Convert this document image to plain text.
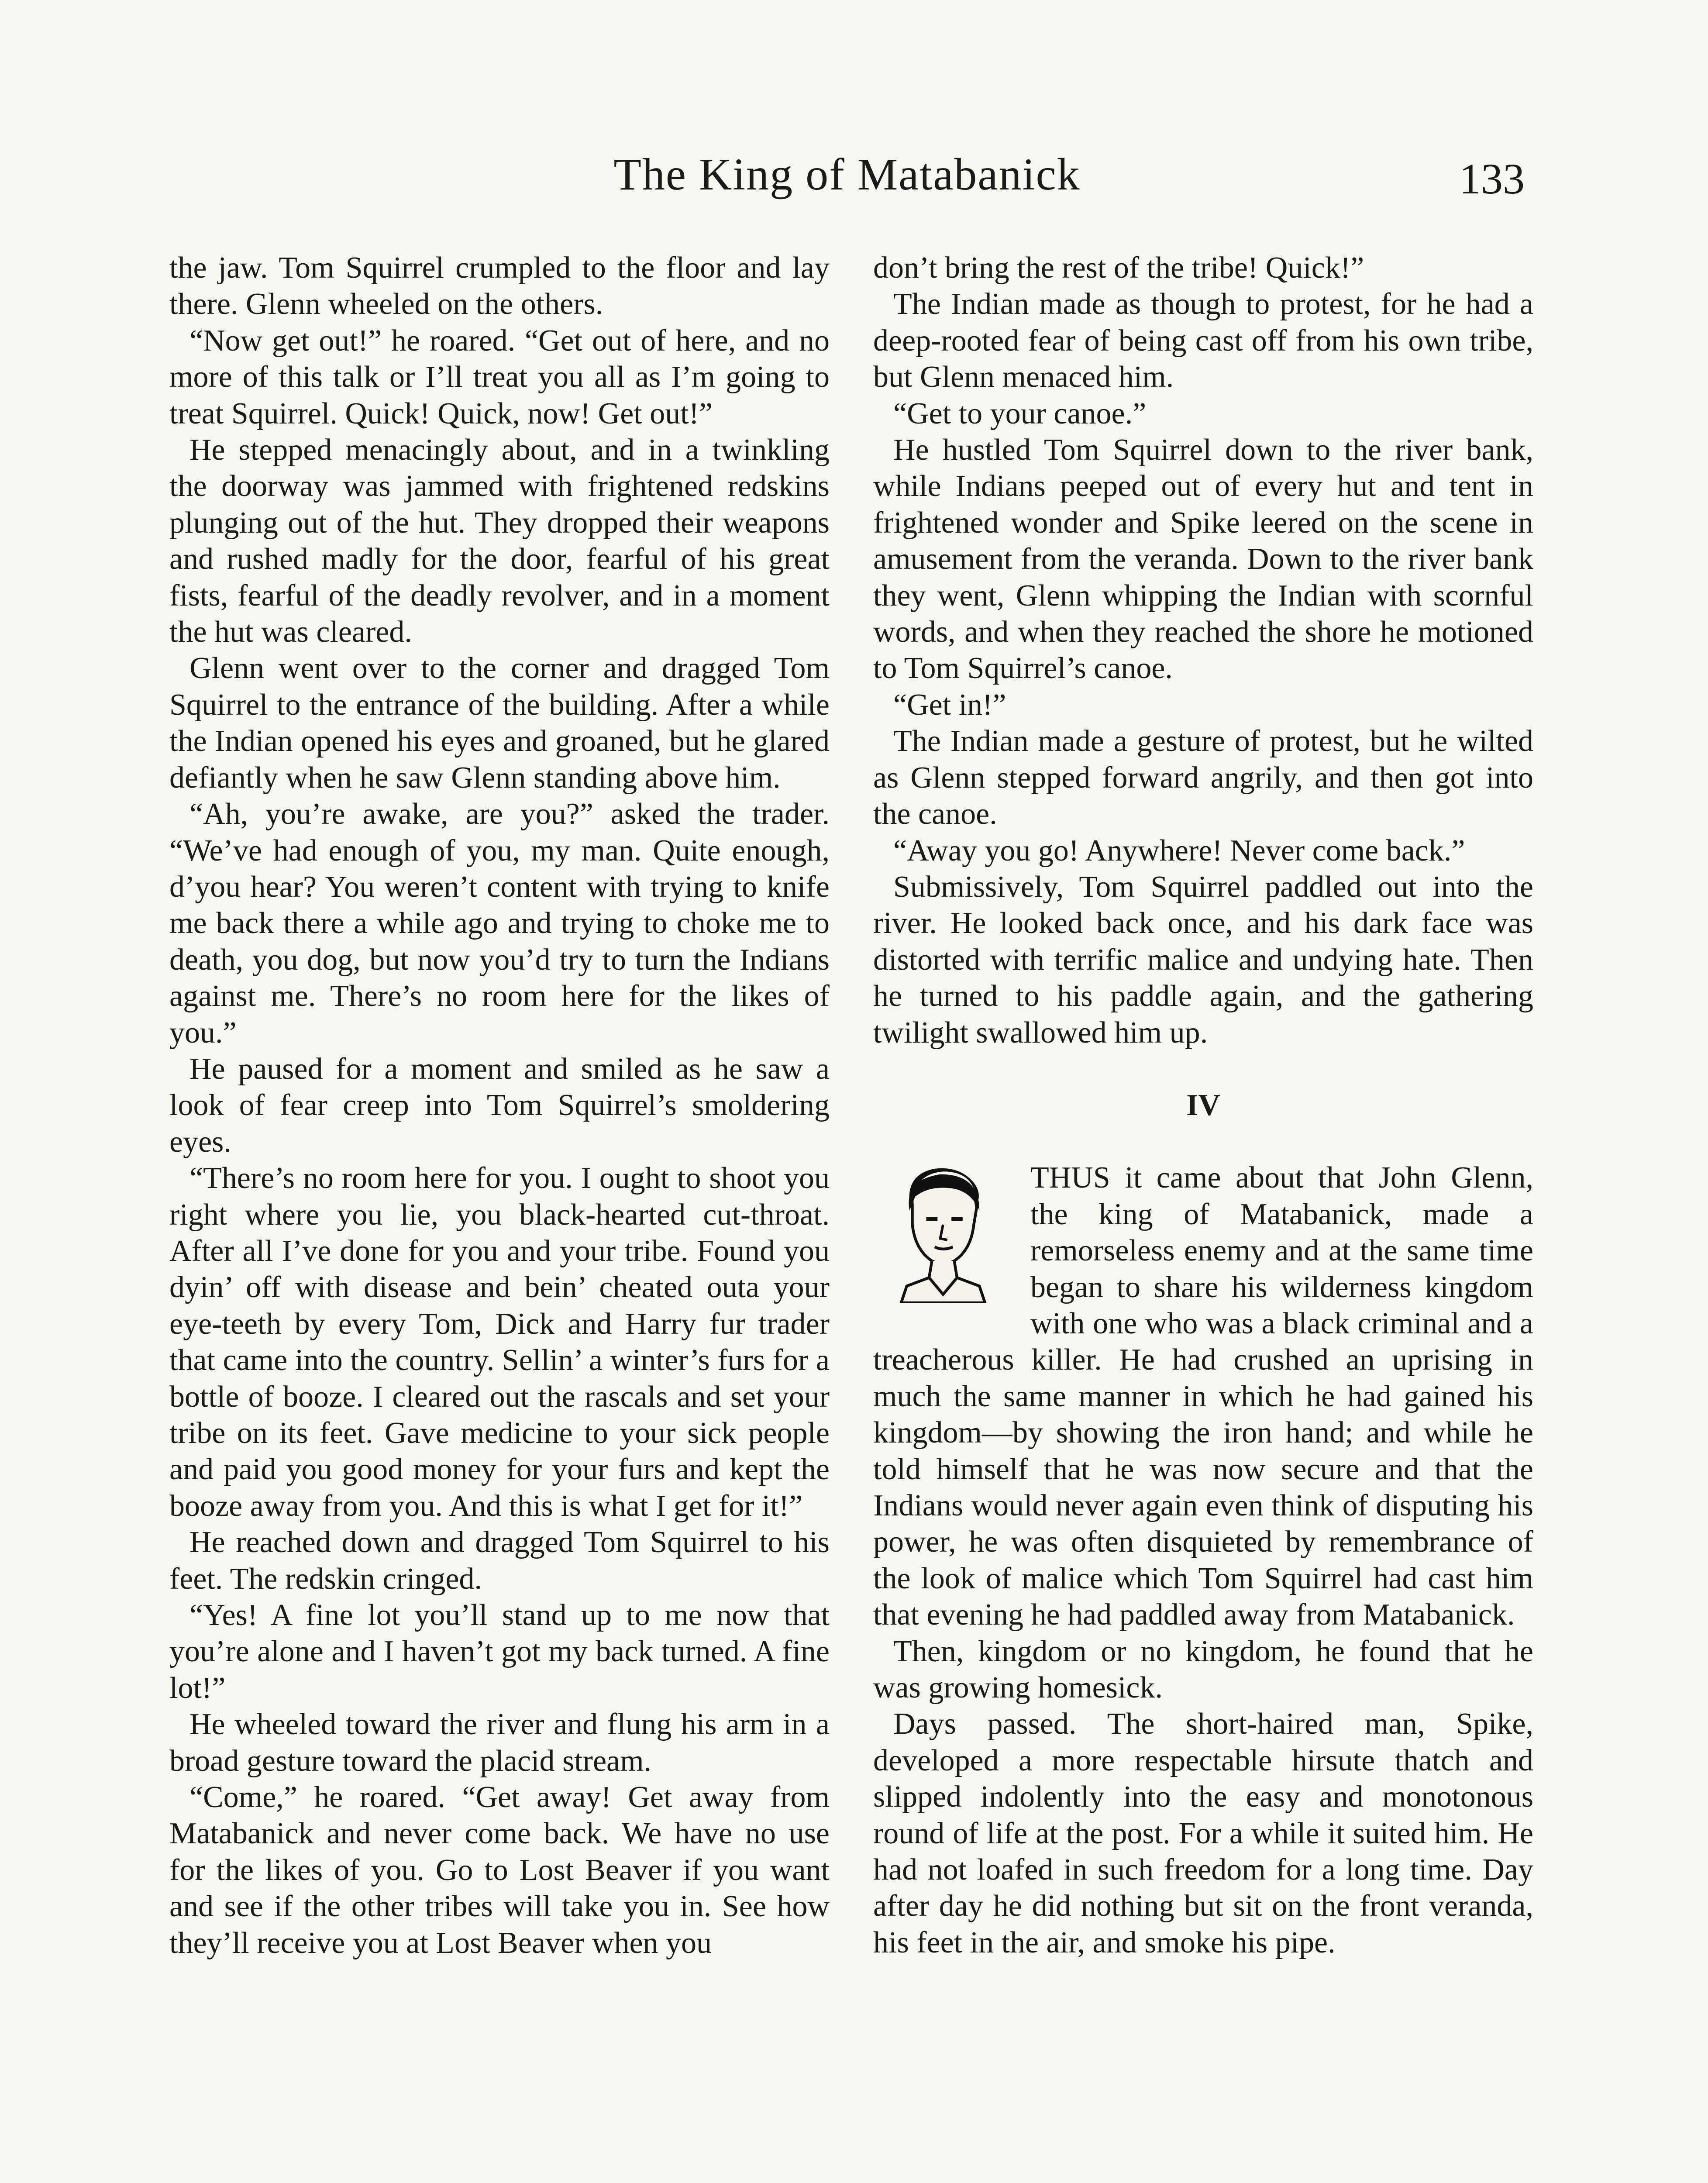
The King of Matabanick	133

the jaw. Tom Squirrel crumpled to the floor and lay there. Glenn wheeled on the others.

“Now get out!” he roared. “Get out of here, and no more of this talk or I’ll treat you all as I’m going to treat Squirrel. Quick! Quick, now! Get out!”

He stepped menacingly about, and in a twinkling the doorway was jammed with frightened redskins plunging out of the hut. They dropped their weapons and rushed madly for the door, fearful of his great fists, fearful of the deadly revolver, and in a moment the hut was cleared.

Glenn went over to the corner and dragged Tom Squirrel to the entrance of the building. After a while the Indian opened his eyes and groaned, but he glared defiantly when he saw Glenn standing above him.

“Ah, you’re awake, are you?” asked the trader. “We’ve had enough of you, my man. Quite enough, d’you hear? You weren’t content with trying to knife me back there a while ago and trying to choke me to death, you dog, but now you’d try to turn the Indians against me. There’s no room here for the likes of you.”

He paused for a moment and smiled as he saw a look of fear creep into Tom Squirrel’s smoldering eyes.

“There’s no room here for you. I ought to shoot you right where you lie, you black-hearted cut-throat. After all I’ve done for you and your tribe. Found you dyin’ off with disease and bein’ cheated outa your eye-teeth by every Tom, Dick and Harry fur trader that came into the country. Sellin’ a winter’s furs for a bottle of booze. I cleared out the rascals and set your tribe on its feet. Gave medicine to your sick people and paid you good money for your furs and kept the booze away from you. And this is what I get for it!”

He reached down and dragged Tom Squirrel to his feet. The redskin cringed.

“Yes! A fine lot you’ll stand up to me now that you’re alone and I haven’t got my back turned. A fine lot!”

He wheeled toward the river and flung his arm in a broad gesture toward the placid stream.

“Come,” he roared. “Get away! Get away from Matabanick and never come back. We have no use for the likes of you. Go to Lost Beaver if you want and see if the other tribes will take you in. See how they’ll receive you at Lost Beaver when you

don’t bring the rest of the tribe! Quick!”

The Indian made as though to protest, for he had a deep-rooted fear of being cast off from his own tribe, but Glenn menaced him.

“Get to your canoe.”

He hustled Tom Squirrel down to the river bank, while Indians peeped out of every hut and tent in frightened wonder and Spike leered on the scene in amusement from the veranda. Down to the river bank they went, Glenn whipping the Indian with scornful words, and when they reached the shore he motioned to Tom Squirrel’s canoe.

“Get in!”

The Indian made a gesture of protest, but he wilted as Glenn stepped forward angrily, and then got into the canoe.

“Away you go! Anywhere! Never come back.”

Submissively, Tom Squirrel paddled out into the river. He looked back once, and his dark face was distorted with terrific malice and undying hate. Then he turned to his paddle again, and the gathering twilight swallowed him up.

IV

THUS it came about that John Glenn, the king of Matabanick, made a remorseless enemy and at the same time began to share his wilderness kingdom with one who was a black criminal and a treacherous killer. He had crushed an uprising in much the same manner in which he had gained his kingdom—by showing the iron hand; and while he told himself that he was now secure and that the Indians would never again even think of disputing his power, he was often disquieted by remembrance of the look of malice which Tom Squirrel had cast him that evening he had paddled away from Matabanick.

Then, kingdom or no kingdom, he found that he was growing homesick.

Days passed. The short-haired man, Spike, developed a more respectable hirsute thatch and slipped indolently into the easy and monotonous round of life at the post. For a while it suited him. He had not loafed in such freedom for a long time. Day after day he did nothing but sit on the front veranda, his feet in the air, and smoke his pipe.
